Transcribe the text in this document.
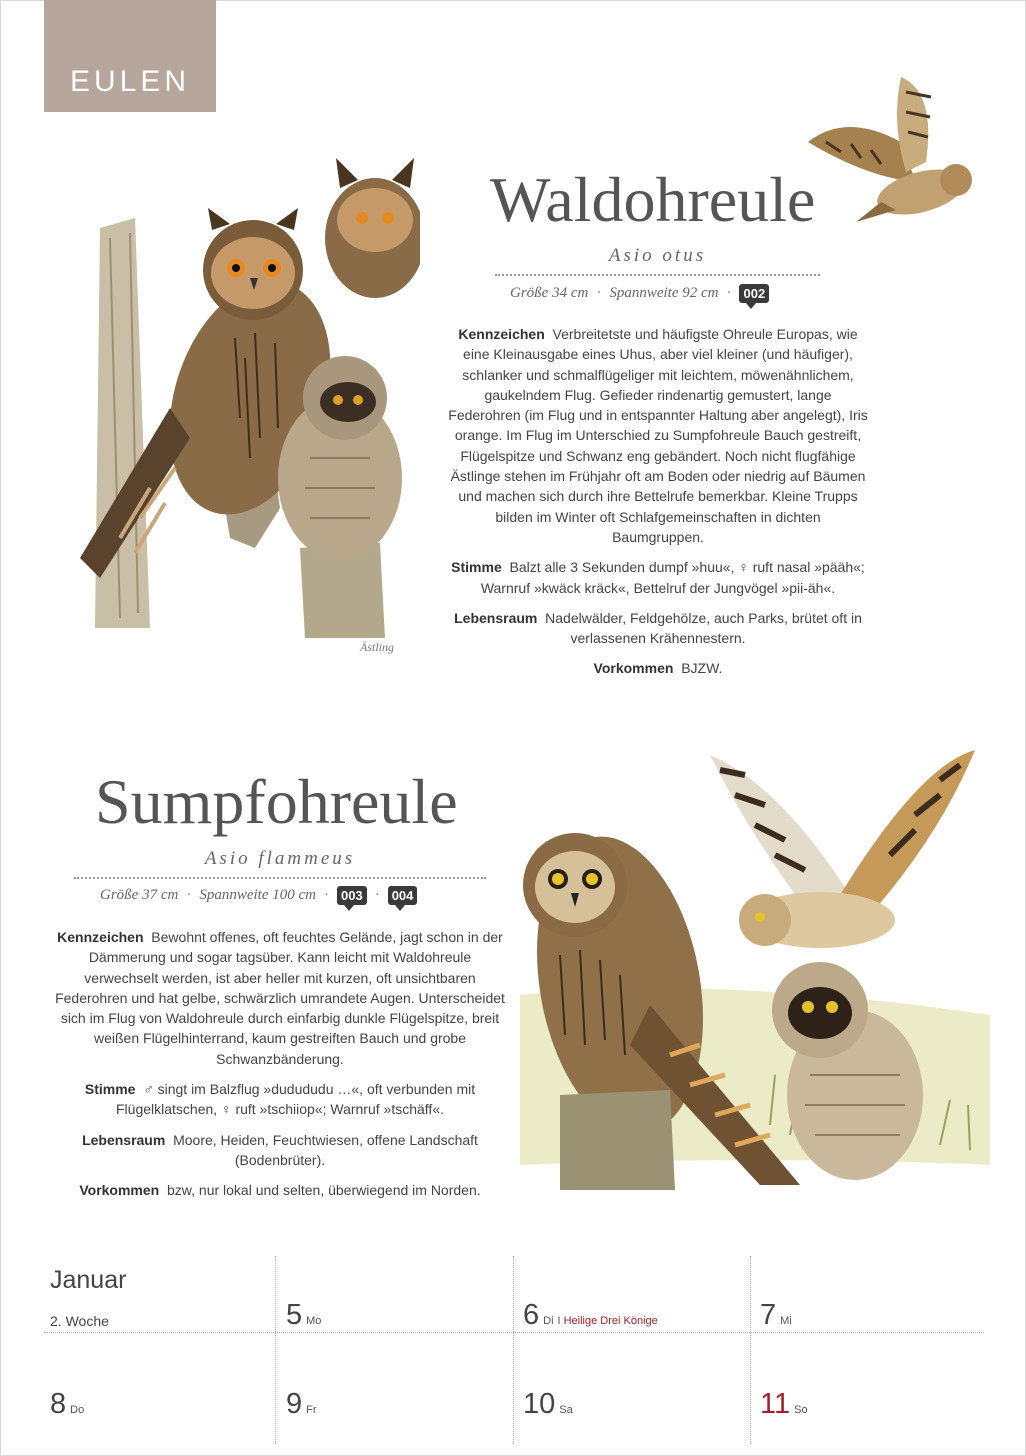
EULEN
Waldohreule
Asio otus
Größe 34 cm · Spannweite 92 cm · 002

Kennzeichen Verbreitetste und häufigste Ohreule Europas, wie eine Kleinausgabe eines Uhus, aber viel kleiner (und häufiger), schlanker und schmalflügeliger mit leichtem, möwenähnlichem, gaukelndem Flug. Gefieder rindenartig gemustert, lange Federohren (im Flug und in entspannter Haltung aber angelegt), Iris orange. Im Flug im Unterschied zu Sumpfohreule Bauch gestreift, Flügelspitze und Schwanz eng gebändert. Noch nicht flugfähige Ästlinge stehen im Frühjahr oft am Boden oder niedrig auf Bäumen und machen sich durch ihre Bettelrufe bemerkbar. Kleine Trupps bilden im Winter oft Schlafgemeinschaften in dichten Baumgruppen.

Stimme Balzt alle 3 Sekunden dumpf »huu«, ♀ ruft nasal »pääh«; Warnruf »kwäck kräck«, Bettelruf der Jungvögel »pii-äh«.

Lebensraum Nadelwälder, Feldgehölze, auch Parks, brütet oft in verlassenen Krähennestern.

Vorkommen BJZW.

Ästling
Sumpfohreule
Asio flammeus
Größe 37 cm · Spannweite 100 cm · 003 · 004

Kennzeichen Bewohnt offenes, oft feuchtes Gelände, jagt schon in der Dämmerung und sogar tagsüber. Kann leicht mit Waldohreule verwechselt werden, ist aber heller mit kurzen, oft unsichtbaren Federohren und hat gelbe, schwärzlich umrandete Augen. Unterscheidet sich im Flug von Waldohreule durch einfarbig dunkle Flügelspitze, breit weißen Flügelhinterrand, kaum gestreiften Bauch und grobe Schwanzbänderung.

Stimme ♂ singt im Balzflug »dudududu …«, oft verbunden mit Flügelklatschen, ♀ ruft »tschiiop«; Warnruf »tschäff«.

Lebensraum Moore, Heiden, Feuchtwiesen, offene Landschaft (Bodenbrüter).

Vorkommen bzw, nur lokal und selten, überwiegend im Norden.

Januar
2. Woche	5 Mo	6 Di I Heilige Drei Könige	7 Mi
8 Do	9 Fr	10 Sa	11 So
